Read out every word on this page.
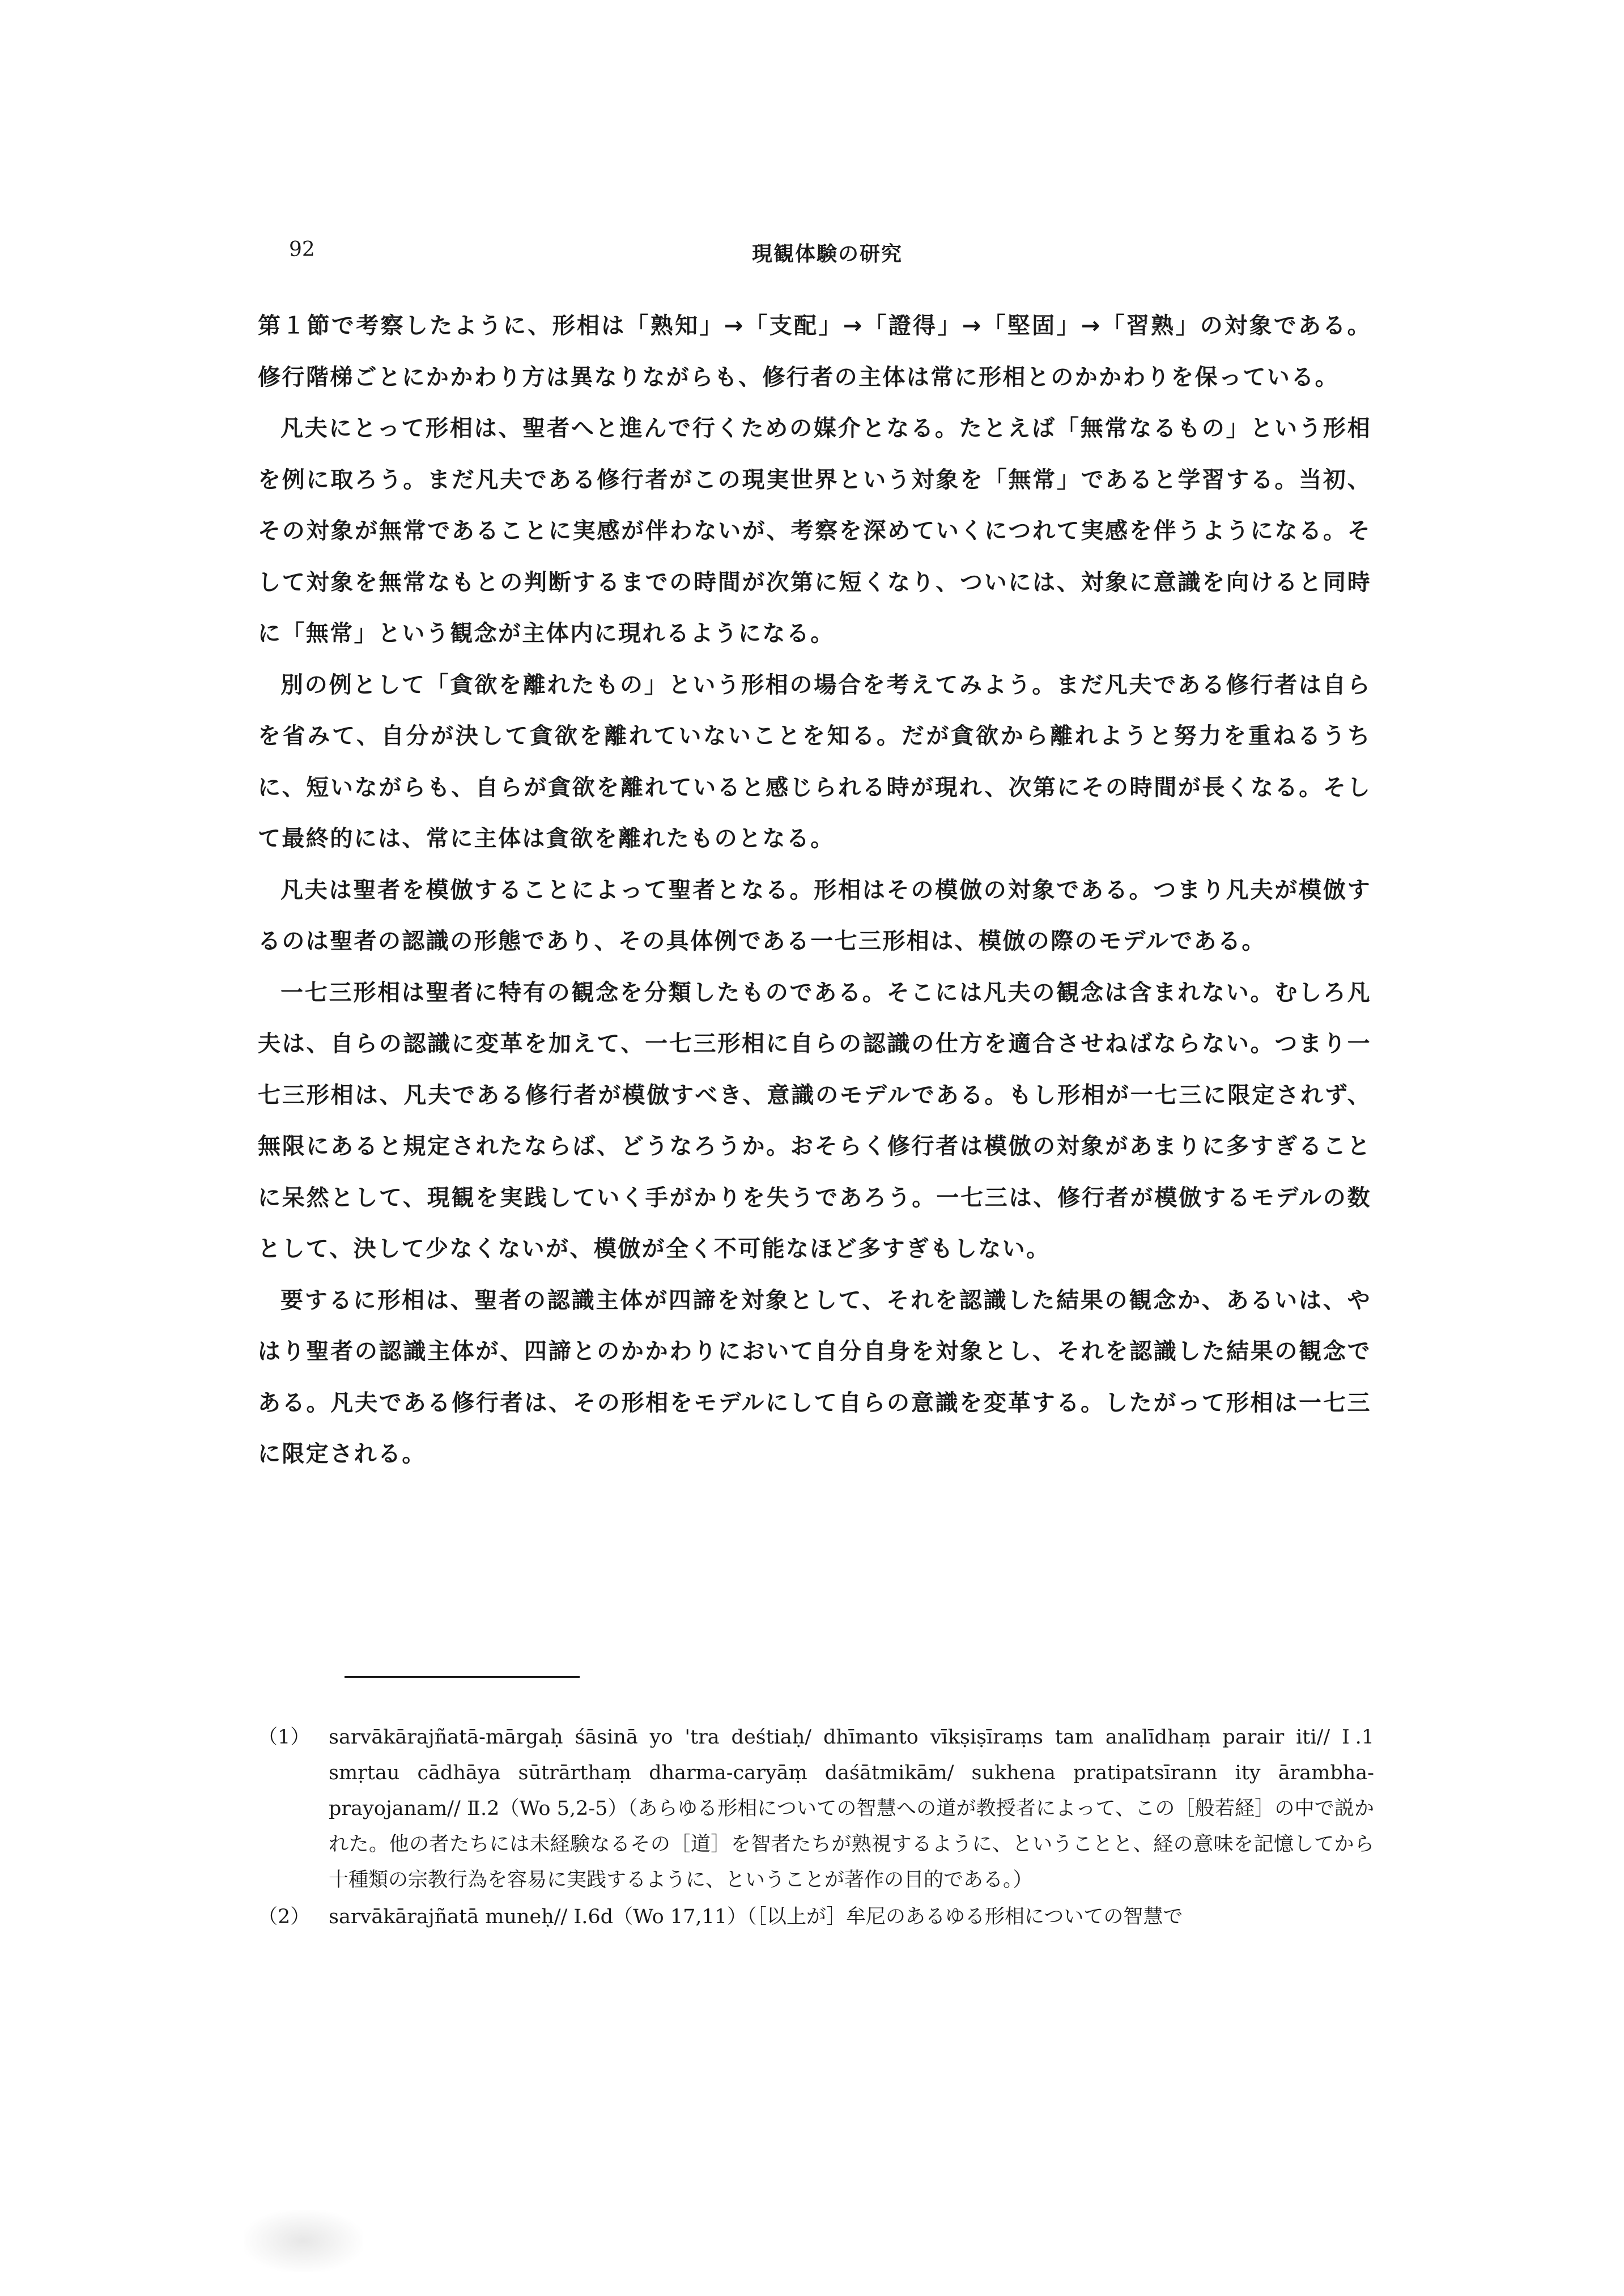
92	現観体験の研究

第１節で考察したように、形相は「熟知」→「支配」→「證得」→「堅固」→「習熟」の対象である。修行階梯ごとにかかわり方は異なりながらも、修行者の主体は常に形相とのかかわりを保っている。

凡夫にとって形相は、聖者へと進んで行くための媒介となる。たとえば「無常なるもの」という形相を例に取ろう。まだ凡夫である修行者がこの現実世界という対象を「無常」であると学習する。当初、その対象が無常であることに実感が伴わないが、考察を深めていくにつれて実感を伴うようになる。そして対象を無常なもとの判断するまでの時間が次第に短くなり、ついには、対象に意識を向けると同時に「無常」という観念が主体内に現れるようになる。

別の例として「貪欲を離れたもの」という形相の場合を考えてみよう。まだ凡夫である修行者は自らを省みて、自分が決して貪欲を離れていないことを知る。だが貪欲から離れようと努力を重ねるうちに、短いながらも、自らが貪欲を離れていると感じられる時が現れ、次第にその時間が長くなる。そして最終的には、常に主体は貪欲を離れたものとなる。

凡夫は聖者を模倣することによって聖者となる。形相はその模倣の対象である。つまり凡夫が模倣するのは聖者の認識の形態であり、その具体例である一七三形相は、模倣の際のモデルである。

一七三形相は聖者に特有の観念を分類したものである。そこには凡夫の観念は含まれない。むしろ凡夫は、自らの認識に変革を加えて、一七三形相に自らの認識の仕方を適合させねばならない。つまり一七三形相は、凡夫である修行者が模倣すべき、意識のモデルである。もし形相が一七三に限定されず、無限にあると規定されたならば、どうなろうか。おそらく修行者は模倣の対象があまりに多すぎることに呆然として、現観を実践していく手がかりを失うであろう。一七三は、修行者が模倣するモデルの数として、決して少なくないが、模倣が全く不可能なほど多すぎもしない。

要するに形相は、聖者の認識主体が四諦を対象として、それを認識した結果の観念か、あるいは、やはり聖者の認識主体が、四諦とのかかわりにおいて自分自身を対象とし、それを認識した結果の観念である。凡夫である修行者は、その形相をモデルにして自らの意識を変革する。したがって形相は一七三に限定される。

（1） sarvākārajñatā-mārgaḥ śāsinā yo 'tra deśtiaḥ/ dhīmanto vīkṣiṣīraṃs tam analīdhaṃ parair iti// Ⅰ.1 smṛtau cādhāya sūtrārthaṃ dharma-caryāṃ daśātmikām/ sukhena pratipatsīrann ity ārambha-prayojanam// Ⅱ.2（Wo 5,2-5）（あらゆる形相についての智慧への道が教授者によって、この［般若経］の中で説かれた。他の者たちには未経験なるその［道］を智者たちが熟視するように、ということと、経の意味を記憶してから十種類の宗教行為を容易に実践するように、ということが著作の目的である。）
（2） sarvākārajñatā muneḥ// Ⅰ.6d（Wo 17,11）（［以上が］牟尼のあるゆる形相についての智慧で
